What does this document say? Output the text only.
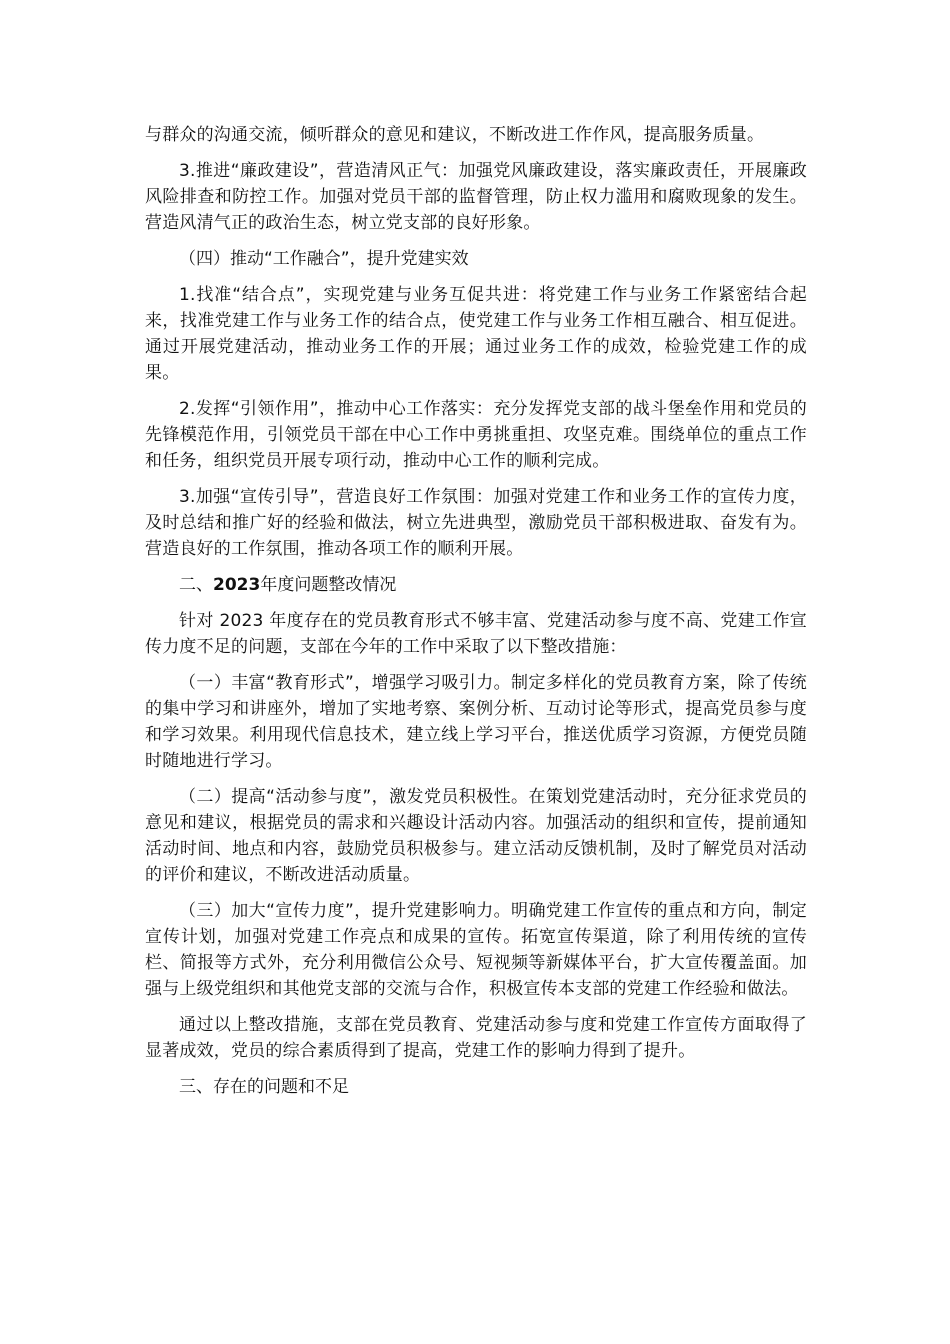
与群众的沟通交流，倾听群众的意见和建议，不断改进工作作风，提高服务质量。

3.推进“廉政建设”，营造清风正气：加强党风廉政建设，落实廉政责任，开展廉政风险排查和防控工作。加强对党员干部的监督管理，防止权力滥用和腐败现象的发生。营造风清气正的政治生态，树立党支部的良好形象。

（四）推动“工作融合”，提升党建实效

1.找准“结合点”，实现党建与业务互促共进：将党建工作与业务工作紧密结合起来，找准党建工作与业务工作的结合点，使党建工作与业务工作相互融合、相互促进。通过开展党建活动，推动业务工作的开展；通过业务工作的成效，检验党建工作的成果。

2.发挥“引领作用”，推动中心工作落实：充分发挥党支部的战斗堡垒作用和党员的先锋模范作用，引领党员干部在中心工作中勇挑重担、攻坚克难。围绕单位的重点工作和任务，组织党员开展专项行动，推动中心工作的顺利完成。

3.加强“宣传引导”，营造良好工作氛围：加强对党建工作和业务工作的宣传力度，及时总结和推广好的经验和做法，树立先进典型，激励党员干部积极进取、奋发有为。营造良好的工作氛围，推动各项工作的顺利开展。

二、2023年度问题整改情况

针对 2023 年度存在的党员教育形式不够丰富、党建活动参与度不高、党建工作宣传力度不足的问题，支部在今年的工作中采取了以下整改措施：

（一）丰富“教育形式”，增强学习吸引力。制定多样化的党员教育方案，除了传统的集中学习和讲座外，增加了实地考察、案例分析、互动讨论等形式，提高党员参与度和学习效果。利用现代信息技术，建立线上学习平台，推送优质学习资源，方便党员随时随地进行学习。

（二）提高“活动参与度”，激发党员积极性。在策划党建活动时，充分征求党员的意见和建议，根据党员的需求和兴趣设计活动内容。加强活动的组织和宣传，提前通知活动时间、地点和内容，鼓励党员积极参与。建立活动反馈机制，及时了解党员对活动的评价和建议，不断改进活动质量。

（三）加大“宣传力度”，提升党建影响力。明确党建工作宣传的重点和方向，制定宣传计划，加强对党建工作亮点和成果的宣传。拓宽宣传渠道，除了利用传统的宣传栏、简报等方式外，充分利用微信公众号、短视频等新媒体平台，扩大宣传覆盖面。加强与上级党组织和其他党支部的交流与合作，积极宣传本支部的党建工作经验和做法。

通过以上整改措施，支部在党员教育、党建活动参与度和党建工作宣传方面取得了显著成效，党员的综合素质得到了提高，党建工作的影响力得到了提升。

三、存在的问题和不足
